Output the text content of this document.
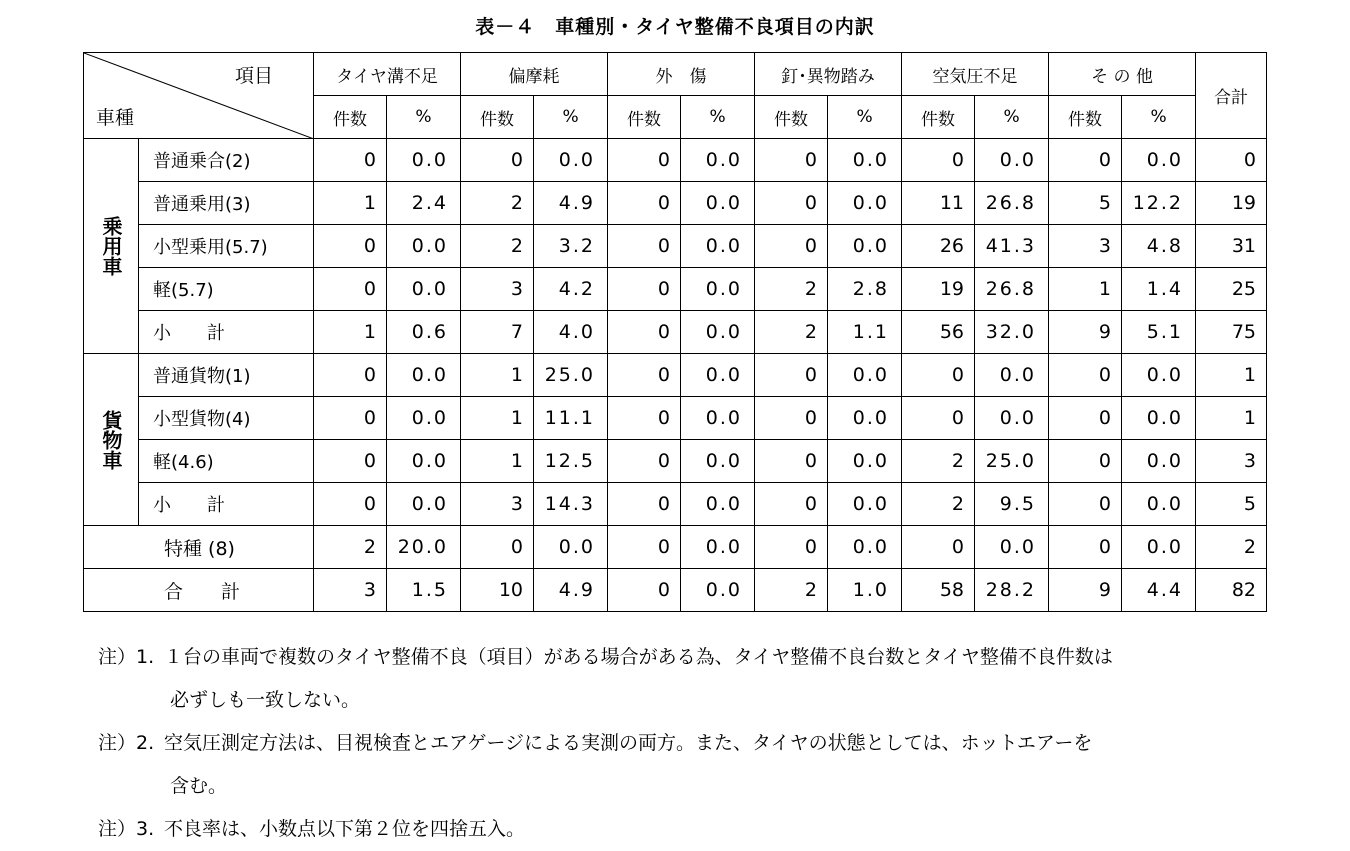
表－４　車種別・タイヤ整備不良項目の内訳
項目
車種		タイヤ溝不足		偏摩耗		外　傷		釘･異物踏み		空気圧不足		そ の 他		合計
		件数	%	件数	%	件数	%	件数	%	件数	%	件数	%	

乗用車	普通乗合(2)	0	0.0	0	0.0	0	0.0	0	0.0	0	0.0	0	0.0	0
	普通乗用(3)	1	2.4	2	4.9	0	0.0	0	0.0	11	26.8	5	12.2	19
	小型乗用(5.7)	0	0.0	2	3.2	0	0.0	0	0.0	26	41.3	3	4.8	31
	軽(5.7)	0	0.0	3	4.2	0	0.0	2	2.8	19	26.8	1	1.4	25
	小　　計	1	0.6	7	4.0	0	0.0	2	1.1	56	32.0	9	5.1	75

貨物車	普通貨物(1)	0	0.0	1	25.0	0	0.0	0	0.0	0	0.0	0	0.0	1
	小型貨物(4)	0	0.0	1	11.1	0	0.0	0	0.0	0	0.0	0	0.0	1
	軽(4.6)	0	0.0	1	12.5	0	0.0	0	0.0	2	25.0	0	0.0	3
	小　　計	0	0.0	3	14.3	0	0.0	0	0.0	2	9.5	0	0.0	5
特種 (8)		2	20.0	0	0.0	0	0.0	0	0.0	0	0.0	0	0.0	2
合　　計		3	1.5	10	4.9	0	0.0	2	1.0	58	28.2	9	4.4	82
注）1. １台の車両で複数のタイヤ整備不良（項目）がある場合がある為、タイヤ整備不良台数とタイヤ整備不良件数は
必ずしも一致しない。
注）2. 空気圧測定方法は、目視検査とエアゲージによる実測の両方。また、タイヤの状態としては、ホットエアーを
含む。
注）3. 不良率は、小数点以下第２位を四捨五入。
